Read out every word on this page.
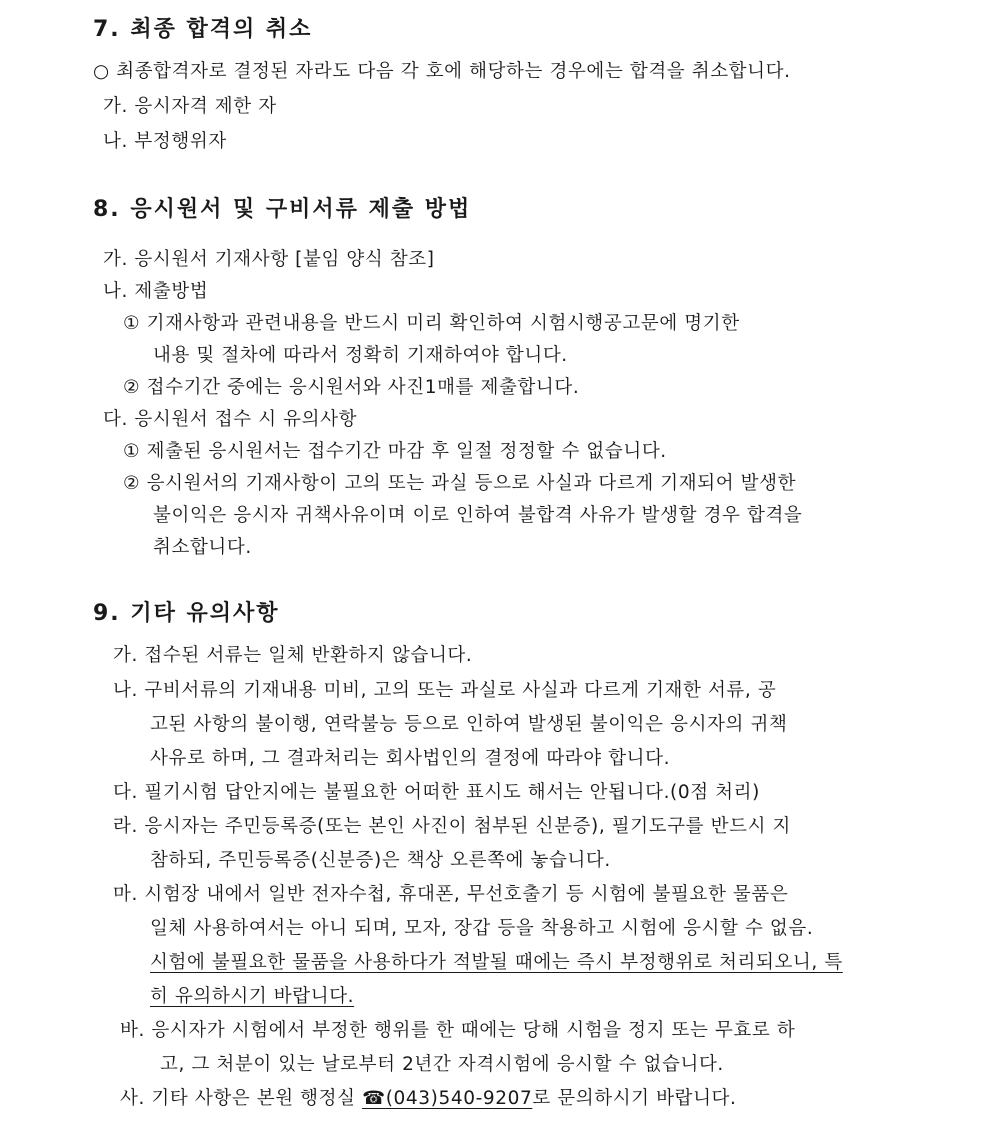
7. 최종 합격의 취소
○ 최종합격자로 결정된 자라도 다음 각 호에 해당하는 경우에는 합격을 취소합니다.
가. 응시자격 제한 자
나. 부정행위자
8. 응시원서 및 구비서류 제출 방법
가. 응시원서 기재사항 [붙임 양식 참조]
나. 제출방법
① 기재사항과 관련내용을 반드시 미리 확인하여 시험시행공고문에 명기한
내용 및 절차에 따라서 정확히 기재하여야 합니다.
② 접수기간 중에는 응시원서와 사진1매를 제출합니다.
다. 응시원서 접수 시 유의사항
① 제출된 응시원서는 접수기간 마감 후 일절 정정할 수 없습니다.
② 응시원서의 기재사항이 고의 또는 과실 등으로 사실과 다르게 기재되어 발생한
불이익은 응시자 귀책사유이며 이로 인하여 불합격 사유가 발생할 경우 합격을
취소합니다.
9. 기타 유의사항
가. 접수된 서류는 일체 반환하지 않습니다.
나. 구비서류의 기재내용 미비, 고의 또는 과실로 사실과 다르게 기재한 서류, 공
고된 사항의 불이행, 연락불능 등으로 인하여 발생된 불이익은 응시자의 귀책
사유로 하며, 그 결과처리는 회사법인의 결정에 따라야 합니다.
다. 필기시험 답안지에는 불필요한 어떠한 표시도 해서는 안됩니다.(0점 처리)
라. 응시자는 주민등록증(또는 본인 사진이 첨부된 신분증), 필기도구를 반드시 지
참하되, 주민등록증(신분증)은 책상 오른쪽에 놓습니다.
마. 시험장 내에서 일반 전자수첩, 휴대폰, 무선호출기 등 시험에 불필요한 물품은
일체 사용하여서는 아니 되며, 모자, 장갑 등을 착용하고 시험에 응시할 수 없음.
시험에 불필요한 물품을 사용하다가 적발될 때에는 즉시 부정행위로 처리되오니, 특
히 유의하시기 바랍니다.
바. 응시자가 시험에서 부정한 행위를 한 때에는 당해 시험을 정지 또는 무효로 하
고, 그 처분이 있는 날로부터 2년간 자격시험에 응시할 수 없습니다.
사. 기타 사항은 본원 행정실 ☎(043)540-9207로 문의하시기 바랍니다.
